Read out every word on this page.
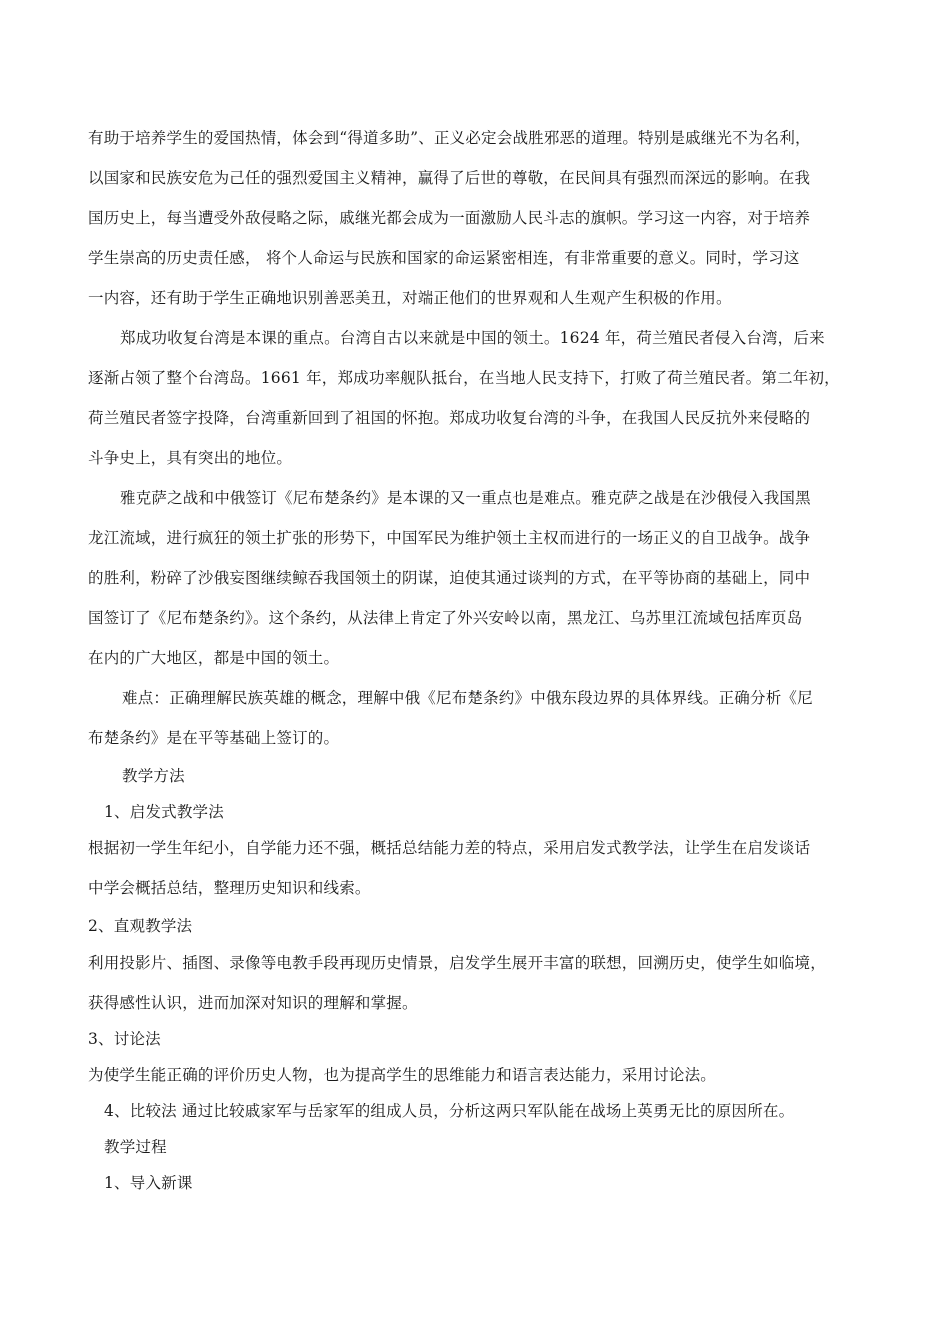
有助于培养学生的爱国热情，体会到“得道多助”、正义必定会战胜邪恶的道理。特别是戚继光不为名利，
以国家和民族安危为己任的强烈爱国主义精神，赢得了后世的尊敬，在民间具有强烈而深远的影响。在我
国历史上，每当遭受外敌侵略之际，戚继光都会成为一面激励人民斗志的旗帜。学习这一内容，对于培养
学生崇高的历史责任感， 将个人命运与民族和国家的命运紧密相连，有非常重要的意义。同时，学习这
一内容，还有助于学生正确地识别善恶美丑，对端正他们的世界观和人生观产生积极的作用。
郑成功收复台湾是本课的重点。台湾自古以来就是中国的领土。1624 年，荷兰殖民者侵入台湾，后来
逐渐占领了整个台湾岛。1661 年，郑成功率舰队抵台，在当地人民支持下，打败了荷兰殖民者。第二年初，
荷兰殖民者签字投降，台湾重新回到了祖国的怀抱。郑成功收复台湾的斗争，在我国人民反抗外来侵略的
斗争史上，具有突出的地位。
雅克萨之战和中俄签订《尼布楚条约》是本课的又一重点也是难点。雅克萨之战是在沙俄侵入我国黑
龙江流域，进行疯狂的领土扩张的形势下，中国军民为维护领土主权而进行的一场正义的自卫战争。战争
的胜利，粉碎了沙俄妄图继续鲸吞我国领土的阴谋，迫使其通过谈判的方式，在平等协商的基础上，同中
国签订了《尼布楚条约》。这个条约，从法律上肯定了外兴安岭以南，黑龙江、乌苏里江流域包括库页岛
在内的广大地区，都是中国的领土。
难点：正确理解民族英雄的概念，理解中俄《尼布楚条约》中俄东段边界的具体界线。正确分析《尼
布楚条约》是在平等基础上签订的。
教学方法
1、启发式教学法
根据初一学生年纪小，自学能力还不强，概括总结能力差的特点，采用启发式教学法，让学生在启发谈话
中学会概括总结，整理历史知识和线索。
2、直观教学法
利用投影片、插图、录像等电教手段再现历史情景，启发学生展开丰富的联想，回溯历史，使学生如临境，
获得感性认识，进而加深对知识的理解和掌握。
3、讨论法
为使学生能正确的评价历史人物，也为提高学生的思维能力和语言表达能力，采用讨论法。
4、比较法 通过比较戚家军与岳家军的组成人员，分析这两只军队能在战场上英勇无比的原因所在。
教学过程
1、导入新课
